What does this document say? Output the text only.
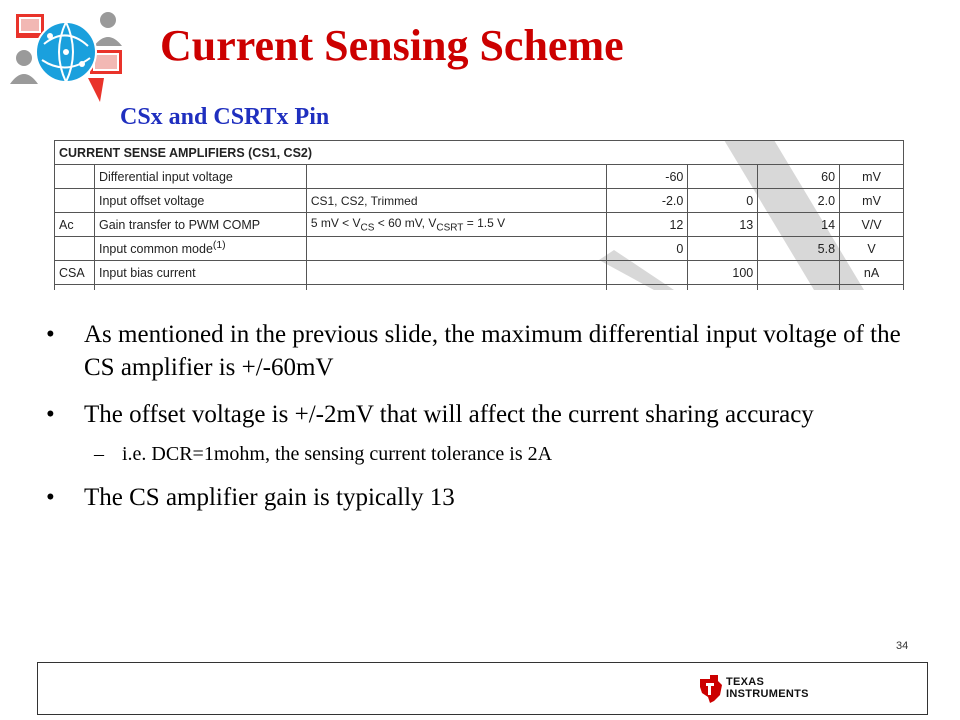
Current Sensing Scheme
CSx and CSRTx Pin
CURRENT SENSE AMPLIFIERS (CS1, CS2)						
	Differential input voltage		-60		60	mV
	Input offset voltage	CS1, CS2, Trimmed	-2.0	0	2.0	mV
Ac	Gain transfer to PWM COMP	5 mV < $V_{CS} < 60$ mV, $V_{CSRT} = 1.5$ V	12	13	14	V/V
	Input common mode$^{(1)}$		0		5.8	V
CSA	Input bias current			100		nA

• As mentioned in the previous slide, the maximum differential input voltage of the CS amplifier is +/-60mV
• The offset voltage is +/-2mV that will affect the current sharing accuracy
– i.e. DCR=1mohm, the sensing current tolerance is 2A
• The CS amplifier gain is typically 13
34
TEXAS
INSTRUMENTS
